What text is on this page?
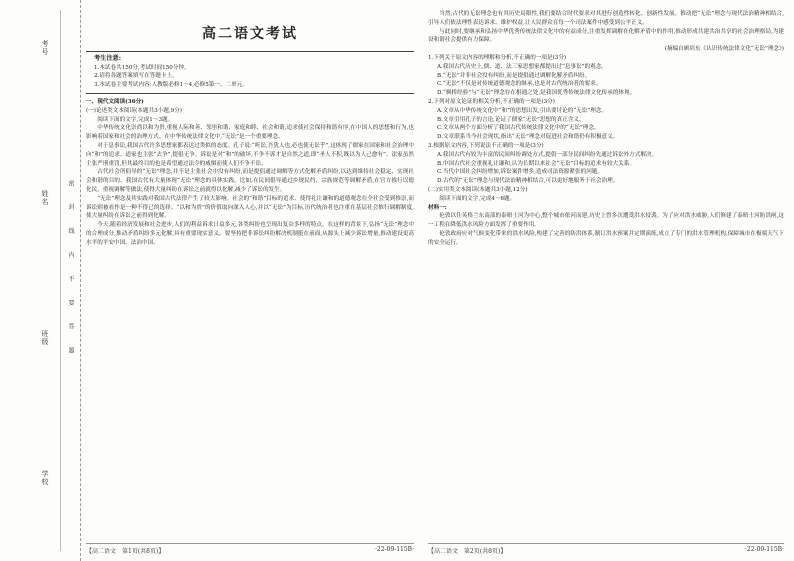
考号
姓名
班级
学校
密 封 线 内 不 要 答 题
高二语文考试
考生注意:
1.本试卷共150分,考试时间150分钟。
2.请将各题答案填写在答题卡上。
3.本试卷主要考试内容:人教版必修1～4,必修5第一、二单元。
一、现代文阅读(36分)
(一)论述类文本阅读(本题共3小题,9分)

阅读下面的文字,完成1～3题。

中华传统文化崇尚以和为贵,重视人际和善、邻里和谐、家庭和睦、社会和谐,追求使社会保持和谐有序,在中国人的思想和行为,也影响着国家和社会的治理方式。在中华传统法律文化中,“无讼”是一个重要理念。

对于息事讼,我国古代许多思想家都表达过类似的态度。孔子说:“听讼,吾犹人也,必也使无讼乎”,这体现了儒家在国家和社会治理中向“和”的追求。道家也主张“去争”,提倡无争。诉讼是对“和”的破坏,不争不诉才是自然之道,即“圣人不积,既以为人己愈有”。法家虽然主张严刑重罚,但其最终目的也是希望通过法令的威慑而使人们不争不讼。

古代社会所倡导的“无讼”理念,并不是主张社会中没有纠纷,而是提倡通过调解等方式化解矛盾纠纷,以达到维持社会稳定、实现社会和谐的目的。我国古代有大量体现“无讼”理念的具体实践。比如,在民间倡导通过乡规民约、宗族规范等调解矛盾,在官方推行以德化民、重视调解等做法,使得大量纠纷在诉讼之前就得以化解,减少了诉讼的发生。

“无讼”理念及其实践对我国古代法律产生了较大影响。社会的“和谐”目标的追求、使得礼让谦和的道德观念在全社会受到推崇,而诉讼则被看作是一种不得已的选择。“以和为贵”的价值取向深入人心,并以“无讼”为目标,历代统治者也注重在基层社会推行调解制度,使大量纠纷在诉讼之前得到化解。

今天,随着经济发展和社会进步,人们的利益诉求日益多元,各类纠纷也呈现出复杂多样的特点。在这样的背景下,弘扬“无讼”理念中的合理成分,推动矛盾纠纷多元化解,具有重要现实意义。要坚持把非诉讼纠纷解决机制挺在前面,从源头上减少诉讼增量,推动建设更高水平的平安中国、法治中国。

当然,古代的无讼理念也有其历史局限性,我们要结合时代要求对其进行创造性转化、创新性发展。推动把“无讼”理念与现代法治精神相结合,引导人们依法理性表达诉求、维护权益,让人民群众在每一个司法案件中感受到公平正义。

与此同时,要继承和弘扬中华优秀传统法律文化中的有益成分,注重发挥调解在化解矛盾中的作用,推动形成共建共治共享的社会治理格局,为建设和谐社会提供有力保障。

(摘编自顾培东《认识传统法律文化“无讼”理念》)

1.下列关于原文内容的理解和分析,不正确的一项是(3分)

A.我国古代历史上,儒、道、法三家思想家都提出过“息事讼”的观念。

B.“无讼”并非社会没有纠纷,而是提倡通过调解化解矛盾纠纷。

C.“无讼”不仅是对传统道德观念的继承,也是对古代统治者的要求。

D.“枫桥经验”与“无讼”理念存在相通之处,是我国优秀传统法律文化传承的体现。

2.下列对原文论证的相关分析,不正确的一项是(3分)

A.文章从中华传统文化中“和”的思想出发,引出要讨论的“无讼”理念。

B.文章引用孔子的言论,论证了儒家“无讼”思想的真正含义。

C.文章从两个方面分析了我国古代传统法律文化中的“无讼”理念。

D.文章联系当今社会现状,指出“无讼”理念对促进社会和谐仍有积极意义。

3.根据原文内容,下列说法不正确的一项是(3分)

A.我国古代有较为丰富的民间纠纷调处方式,提倡一部分民间纠纷先通过诉讼外方式解决。

B.中国古代社会重视礼让谦和,认为长期以来社会“无讼”目标的追求有较大关系。

C.当代中国社会纠纷增加,诉讼案件增多,造成司法资源紧张的问题。

D.古代的“无讼”理念与现代法治精神相结合,可以更好地服务于社会治理。

(二)实用类文本阅读(本题共3小题,12分)

阅读下面的文字,完成4～6题。

材料一:

伦敦以往英格兰东南部的泰晤士河为中心,整个城市依河而建,历史上曾多次遭受洪水侵袭。为了应对洪水威胁,人们修建了泰晤士河防洪闸,这一工程在降低洪水风险方面发挥了重要作用。

伦敦政府应对气候变化带来的洪水风险,构建了完善的防洪体系,制订洪水预案并定期演练,成立了专门的洪水管理机构,保障城市在极端天气下的安全运行。

【高二语文　第1页(共8页)】	·22-09-115B· 【高二语文　第2页(共8页)】	·22-09-115B·
